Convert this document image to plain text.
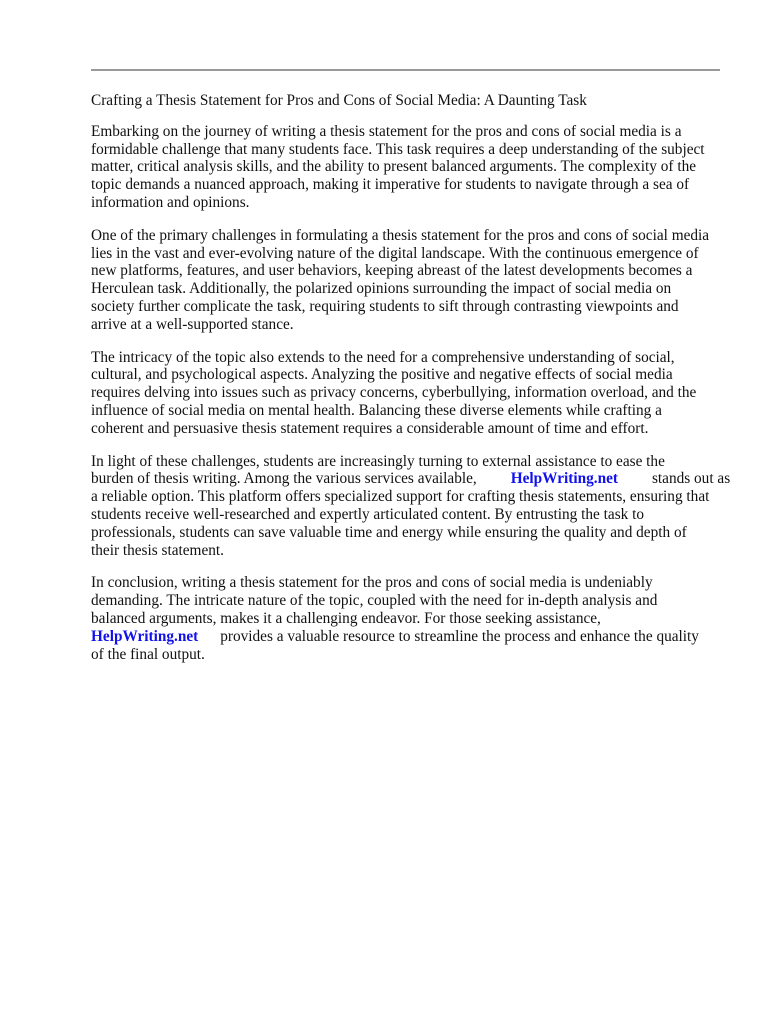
Crafting a Thesis Statement for Pros and Cons of Social Media: A Daunting Task

Embarking on the journey of writing a thesis statement for the pros and cons of social media is a
formidable challenge that many students face. This task requires a deep understanding of the subject
matter, critical analysis skills, and the ability to present balanced arguments. The complexity of the
topic demands a nuanced approach, making it imperative for students to navigate through a sea of
information and opinions.

One of the primary challenges in formulating a thesis statement for the pros and cons of social media
lies in the vast and ever-evolving nature of the digital landscape. With the continuous emergence of
new platforms, features, and user behaviors, keeping abreast of the latest developments becomes a
Herculean task. Additionally, the polarized opinions surrounding the impact of social media on
society further complicate the task, requiring students to sift through contrasting viewpoints and
arrive at a well-supported stance.

The intricacy of the topic also extends to the need for a comprehensive understanding of social,
cultural, and psychological aspects. Analyzing the positive and negative effects of social media
requires delving into issues such as privacy concerns, cyberbullying, information overload, and the
influence of social media on mental health. Balancing these diverse elements while crafting a
coherent and persuasive thesis statement requires a considerable amount of time and effort.

In light of these challenges, students are increasingly turning to external assistance to ease the
burden of thesis writing. Among the various services available, HelpWriting.net stands out as
a reliable option. This platform offers specialized support for crafting thesis statements, ensuring that
students receive well-researched and expertly articulated content. By entrusting the task to
professionals, students can save valuable time and energy while ensuring the quality and depth of
their thesis statement.

In conclusion, writing a thesis statement for the pros and cons of social media is undeniably
demanding. The intricate nature of the topic, coupled with the need for in-depth analysis and
balanced arguments, makes it a challenging endeavor. For those seeking assistance,
HelpWriting.net provides a valuable resource to streamline the process and enhance the quality
of the final output.
